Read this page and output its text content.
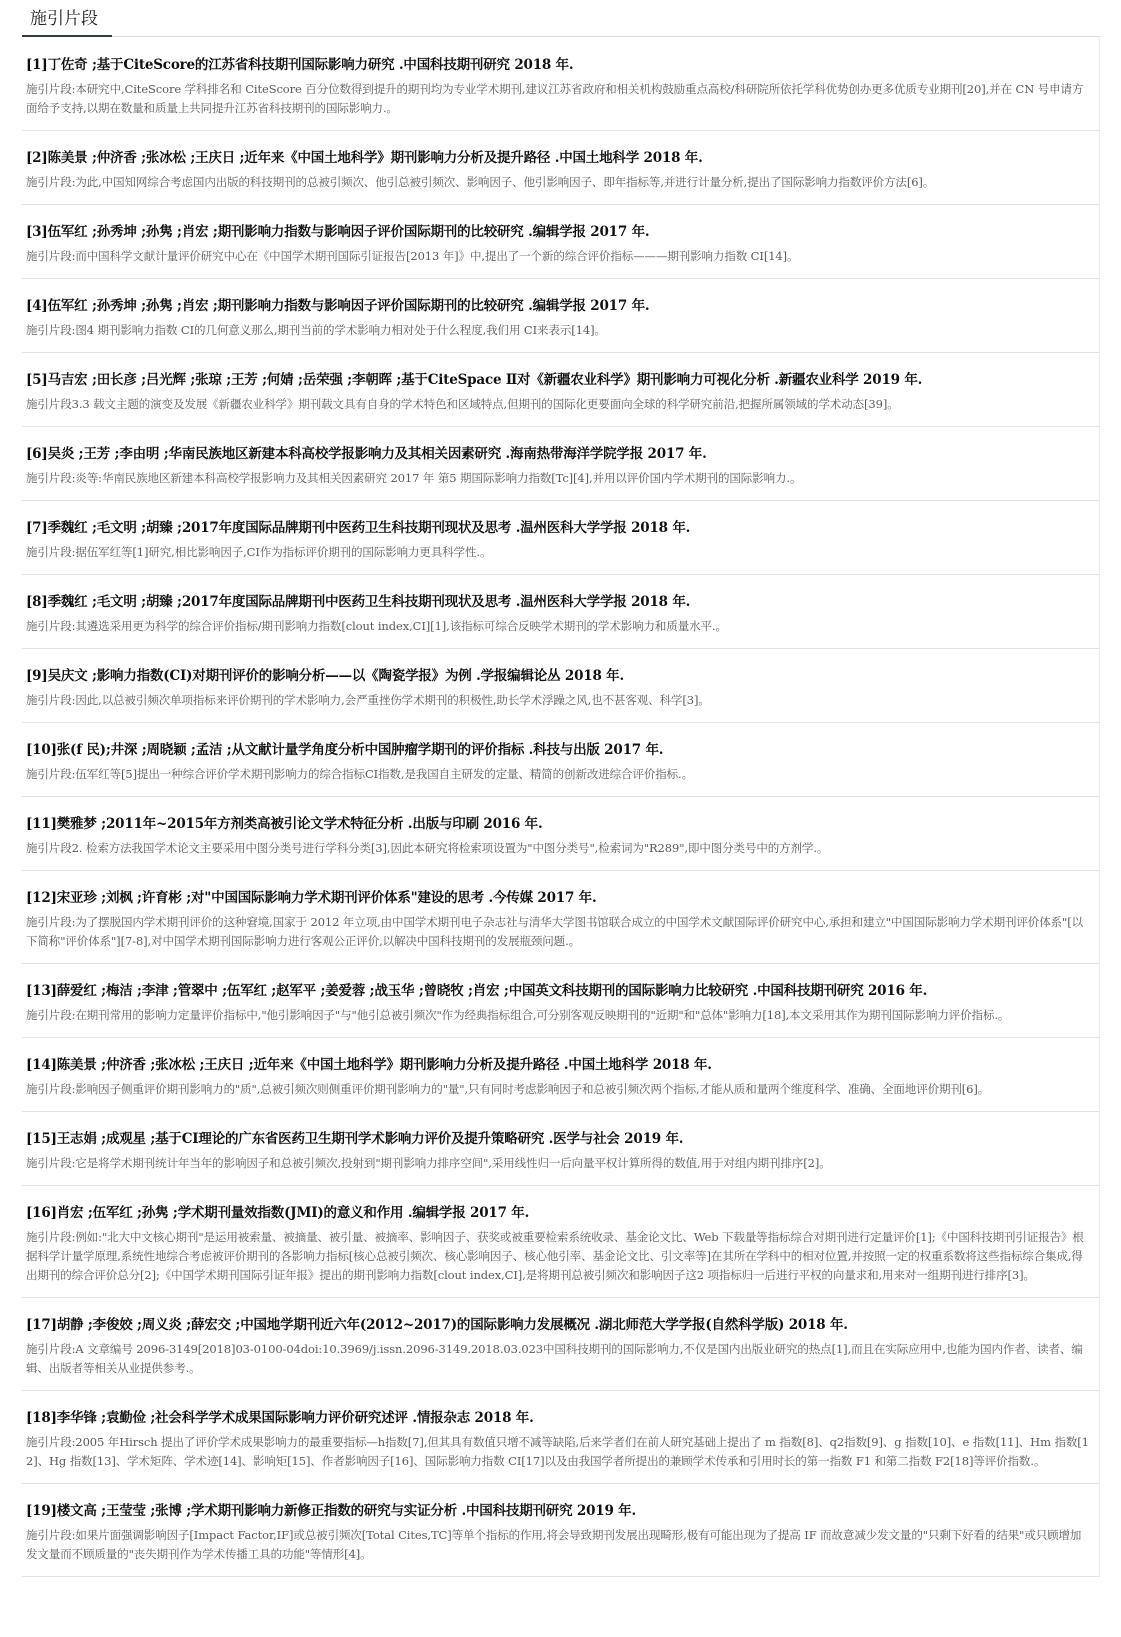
施引片段
[1]丁佐奇 ;基于CiteScore的江苏省科技期刊国际影响力研究 .中国科技期刊研究 2018 年.
施引片段:本研究中,CiteScore 学科排名和 CiteScore 百分位数得到提升的期刊均为专业学术期刊,建议江苏省政府和相关机构鼓励重点高校/科研院所依托学科优势创办更多优质专业期刊[20],并在 CN 号申请方面给予支持,以期在数量和质量上共同提升江苏省科技期刊的国际影响力.。
[2]陈美景 ;仲济香 ;张冰松 ;王庆日 ;近年来《中国土地科学》期刊影响力分析及提升路径 .中国土地科学 2018 年.
施引片段:为此,中国知网综合考虑国内出版的科技期刊的总被引频次、他引总被引频次、影响因子、他引影响因子、即年指标等,并进行计量分析,提出了国际影响力指数评价方法[6]。
[3]伍军红 ;孙秀坤 ;孙隽 ;肖宏 ;期刊影响力指数与影响因子评价国际期刊的比较研究 .编辑学报 2017 年.
施引片段:而中国科学文献计量评价研究中心在《中国学术期刊国际引证报告[2013 年]》中,提出了一个新的综合评价指标———期刊影响力指数 CI[14]。
[4]伍军红 ;孙秀坤 ;孙隽 ;肖宏 ;期刊影响力指数与影响因子评价国际期刊的比较研究 .编辑学报 2017 年.
施引片段:图4 期刊影响力指数 CI的几何意义那么,期刊当前的学术影响力相对处于什么程度,我们用 CI来表示[14]。
[5]马吉宏 ;田长彦 ;吕光辉 ;张琼 ;王芳 ;何婧 ;岳荣强 ;李朝晖 ;基于CiteSpace Ⅱ对《新疆农业科学》期刊影响力可视化分析 .新疆农业科学 2019 年.
施引片段3.3 载文主题的演变及发展《新疆农业科学》期刊载文具有自身的学术特色和区域特点,但期刊的国际化更要面向全球的科学研究前沿,把握所属领域的学术动态[39]。
[6]吴炎 ;王芳 ;李由明 ;华南民族地区新建本科高校学报影响力及其相关因素研究 .海南热带海洋学院学报 2017 年.
施引片段:炎等:华南民族地区新建本科高校学报影响力及其相关因素研究 2017 年 第5 期国际影响力指数[Tc][4],并用以评价国内学术期刊的国际影响力.。
[7]季魏红 ;毛文明 ;胡臻 ;2017年度国际品牌期刊中医药卫生科技期刊现状及思考 .温州医科大学学报 2018 年.
施引片段:据伍军红等[1]研究,相比影响因子,CI作为指标评价期刊的国际影响力更具科学性.。
[8]季魏红 ;毛文明 ;胡臻 ;2017年度国际品牌期刊中医药卫生科技期刊现状及思考 .温州医科大学学报 2018 年.
施引片段:其遴选采用更为科学的综合评价指标/期刊影响力指数[clout index,CI][1],该指标可综合反映学术期刊的学术影响力和质量水平.。
[9]吴庆文 ;影响力指数(CI)对期刊评价的影响分析——以《陶瓷学报》为例 .学报编辑论丛 2018 年.
施引片段:因此,以总被引频次单项指标来评价期刊的学术影响力,会严重挫伤学术期刊的积极性,助长学术浮躁之风,也不甚客观、科学[3]。
[10]张(f 民);井深 ;周晓颖 ;孟洁 ;从文献计量学角度分析中国肿瘤学期刊的评价指标 .科技与出版 2017 年.
施引片段:伍军红等[5]提出一种综合评价学术期刊影响力的综合指标CI指数,是我国自主研发的定量、精简的创新改进综合评价指标.。
[11]樊雅梦 ;2011年~2015年方剂类高被引论文学术特征分析 .出版与印刷 2016 年.
施引片段2. 检索方法我国学术论文主要采用中图分类号进行学科分类[3],因此本研究将检索项设置为"中图分类号",检索词为"R289",即中图分类号中的方剂学.。
[12]宋亚珍 ;刘枫 ;许育彬 ;对"中国国际影响力学术期刊评价体系"建设的思考 .今传媒 2017 年.
施引片段:为了摆脱国内学术期刊评价的这种窘境,国家于 2012 年立项,由中国学术期刊电子杂志社与清华大学图书馆联合成立的中国学术文献国际评价研究中心,承担和建立"中国国际影响力学术期刊评价体系"[以下简称"评价体系"][7-8],对中国学术期刊国际影响力进行客观公正评价,以解决中国科技期刊的发展瓶颈问题.。
[13]薛爱红 ;梅洁 ;李津 ;管翠中 ;伍军红 ;赵军平 ;姜爱蓉 ;战玉华 ;曾晓牧 ;肖宏 ;中国英文科技期刊的国际影响力比较研究 .中国科技期刊研究 2016 年.
施引片段:在期刊常用的影响力定量评价指标中,"他引影响因子"与"他引总被引频次"作为经典指标组合,可分别客观反映期刊的"近期"和"总体"影响力[18],本文采用其作为期刊国际影响力评价指标.。
[14]陈美景 ;仲济香 ;张冰松 ;王庆日 ;近年来《中国土地科学》期刊影响力分析及提升路径 .中国土地科学 2018 年.
施引片段:影响因子侧重评价期刊影响力的"质",总被引频次则侧重评价期刊影响力的"量",只有同时考虑影响因子和总被引频次两个指标,才能从质和量两个维度科学、准确、全面地评价期刊[6]。
[15]王志娟 ;成观星 ;基于CI理论的广东省医药卫生期刊学术影响力评价及提升策略研究 .医学与社会 2019 年.
施引片段:它是将学术期刊统计年当年的影响因子和总被引频次,投射到"期刊影响力排序空间",采用线性归一后向量平权计算所得的数值,用于对组内期刊排序[2]。
[16]肖宏 ;伍军红 ;孙隽 ;学术期刊量效指数(JMI)的意义和作用 .编辑学报 2017 年.
施引片段:例如:"北大中文核心期刊"是运用被索量、被摘量、被引量、被摘率、影响因子、获奖或被重要检索系统收录、基金论文比、Web 下载量等指标综合对期刊进行定量评价[1];《中国科技期刊引证报告》根据科学计量学原理,系统性地综合考虑被评价期刊的各影响力指标[核心总被引频次、核心影响因子、核心他引率、基金论文比、引文率等]在其所在学科中的相对位置,并按照一定的权重系数将这些指标综合集成,得出期刊的综合评价总分[2];《中国学术期刊国际引证年报》提出的期刊影响力指数[clout index,CI],是将期刊总被引频次和影响因子这2 项指标归一后进行平权的向量求和,用来对一组期刊进行排序[3]。
[17]胡静 ;李俊姣 ;周义炎 ;薛宏交 ;中国地学期刊近六年(2012~2017)的国际影响力发展概况 .湖北师范大学学报(自然科学版) 2018 年.
施引片段:A 文章编号 2096-3149[2018]03-0100-04doi:10.3969/j.issn.2096-3149.2018.03.023中国科技期刊的国际影响力,不仅是国内出版业研究的热点[1],而且在实际应用中,也能为国内作者、读者、编辑、出版者等相关从业提供参考.。
[18]李华锋 ;袁勤俭 ;社会科学学术成果国际影响力评价研究述评 .情报杂志 2018 年.
施引片段:2005 年Hirsch 提出了评价学术成果影响力的最重要指标—h指数[7],但其具有数值只增不减等缺陷,后来学者们在前人研究基础上提出了 m 指数[8]、q2指数[9]、g 指数[10]、e 指数[11]、Hm 指数[12]、Hg 指数[13]、学术矩阵、学术迹[14]、影响矩[15]、作者影响因子[16]、国际影响力指数 CI[17]以及由我国学者所提出的兼顾学术传承和引用时长的第一指数 F1 和第二指数 F2[18]等评价指数.。
[19]楼文高 ;王莹莹 ;张博 ;学术期刊影响力新修正指数的研究与实证分析 .中国科技期刊研究 2019 年.
施引片段:如果片面强调影响因子[Impact Factor,IF]或总被引频次[Total Cites,TC]等单个指标的作用,将会导致期刊发展出现畸形,极有可能出现为了提高 IF 而故意减少发文量的"只剩下好看的结果"或只顾增加发文量而不顾质量的"丧失期刊作为学术传播工具的功能"等情形[4]。
